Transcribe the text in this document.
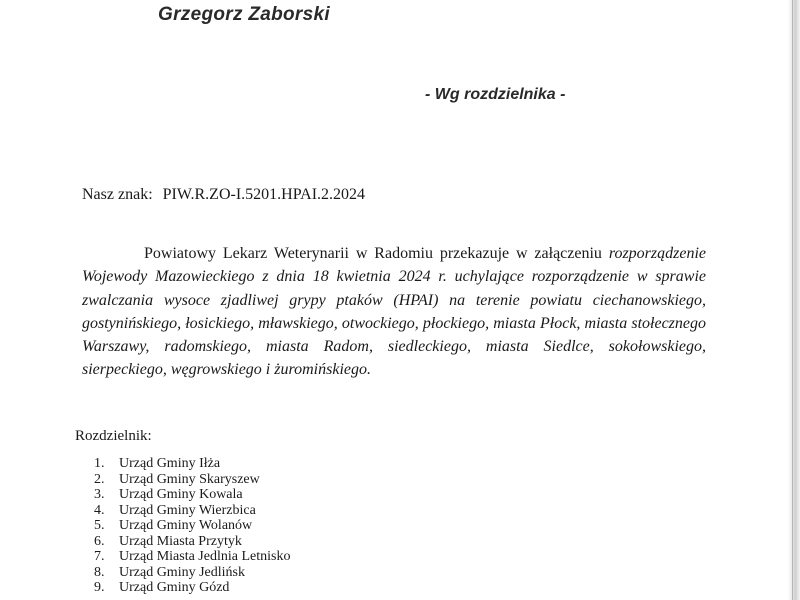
Grzegorz Zaborski
- Wg rozdzielnika -
Nasz znak: PIW.R.ZO-I.5201.HPAI.2.2024

Powiatowy Lekarz Weterynarii w Radomiu przekazuje w załączeniu rozporządzenie Wojewody Mazowieckiego z dnia 18 kwietnia 2024 r. uchylające rozporządzenie w sprawie zwalczania wysoce zjadliwej grypy ptaków (HPAI) na terenie powiatu ciechanowskiego, gostynińskiego, łosickiego, mławskiego, otwockiego, płockiego, miasta Płock, miasta stołecznego Warszawy, radomskiego, miasta Radom, siedleckiego, miasta Siedlce, sokołowskiego, sierpeckiego, węgrowskiego i żuromińskiego.

Rozdzielnik:
1. Urząd Gminy Iłża
2. Urząd Gminy Skaryszew
3. Urząd Gminy Kowala
4. Urząd Gminy Wierzbica
5. Urząd Gminy Wolanów
6. Urząd Miasta Przytyk
7. Urząd Miasta Jedlnia Letnisko
8. Urząd Gminy Jedlińsk
9. Urząd Gminy Gózd
